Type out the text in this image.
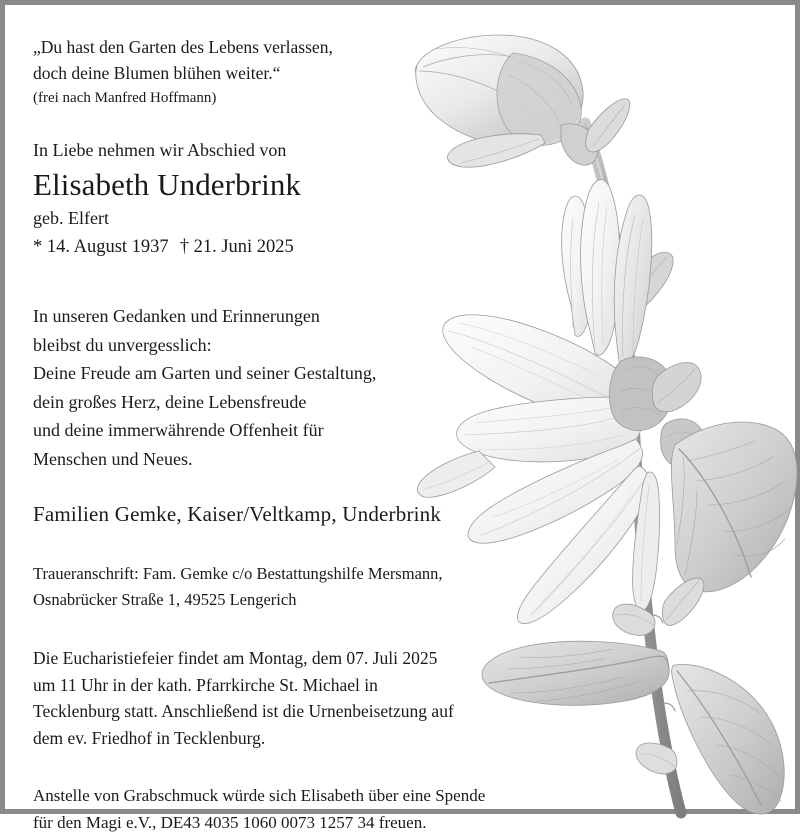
„Du hast den Garten des Lebens verlassen,
doch deine Blumen blühen weiter.“
(frei nach Manfred Hoffmann)
In Liebe nehmen wir Abschied von
Elisabeth Underbrink
geb. Elfert
* 14. August 1937 † 21. Juni 2025
In unseren Gedanken und Erinnerungen
bleibst du unvergesslich:
Deine Freude am Garten und seiner Gestaltung,
dein großes Herz, deine Lebensfreude
und deine immerwährende Offenheit für
Menschen und Neues.
Familien Gemke, Kaiser/Veltkamp, Underbrink
Traueranschrift: Fam. Gemke c/o Bestattungshilfe Mersmann,
Osnabrücker Straße 1, 49525 Lengerich
Die Eucharistiefeier findet am Montag, dem 07. Juli 2025
um 11 Uhr in der kath. Pfarrkirche St. Michael in
Tecklenburg statt. Anschließend ist die Urnenbeisetzung auf
dem ev. Friedhof in Tecklenburg.
Anstelle von Grabschmuck würde sich Elisabeth über eine Spende
für den Magi e.V., DE43 4035 1060 0073 1257 34 freuen.
